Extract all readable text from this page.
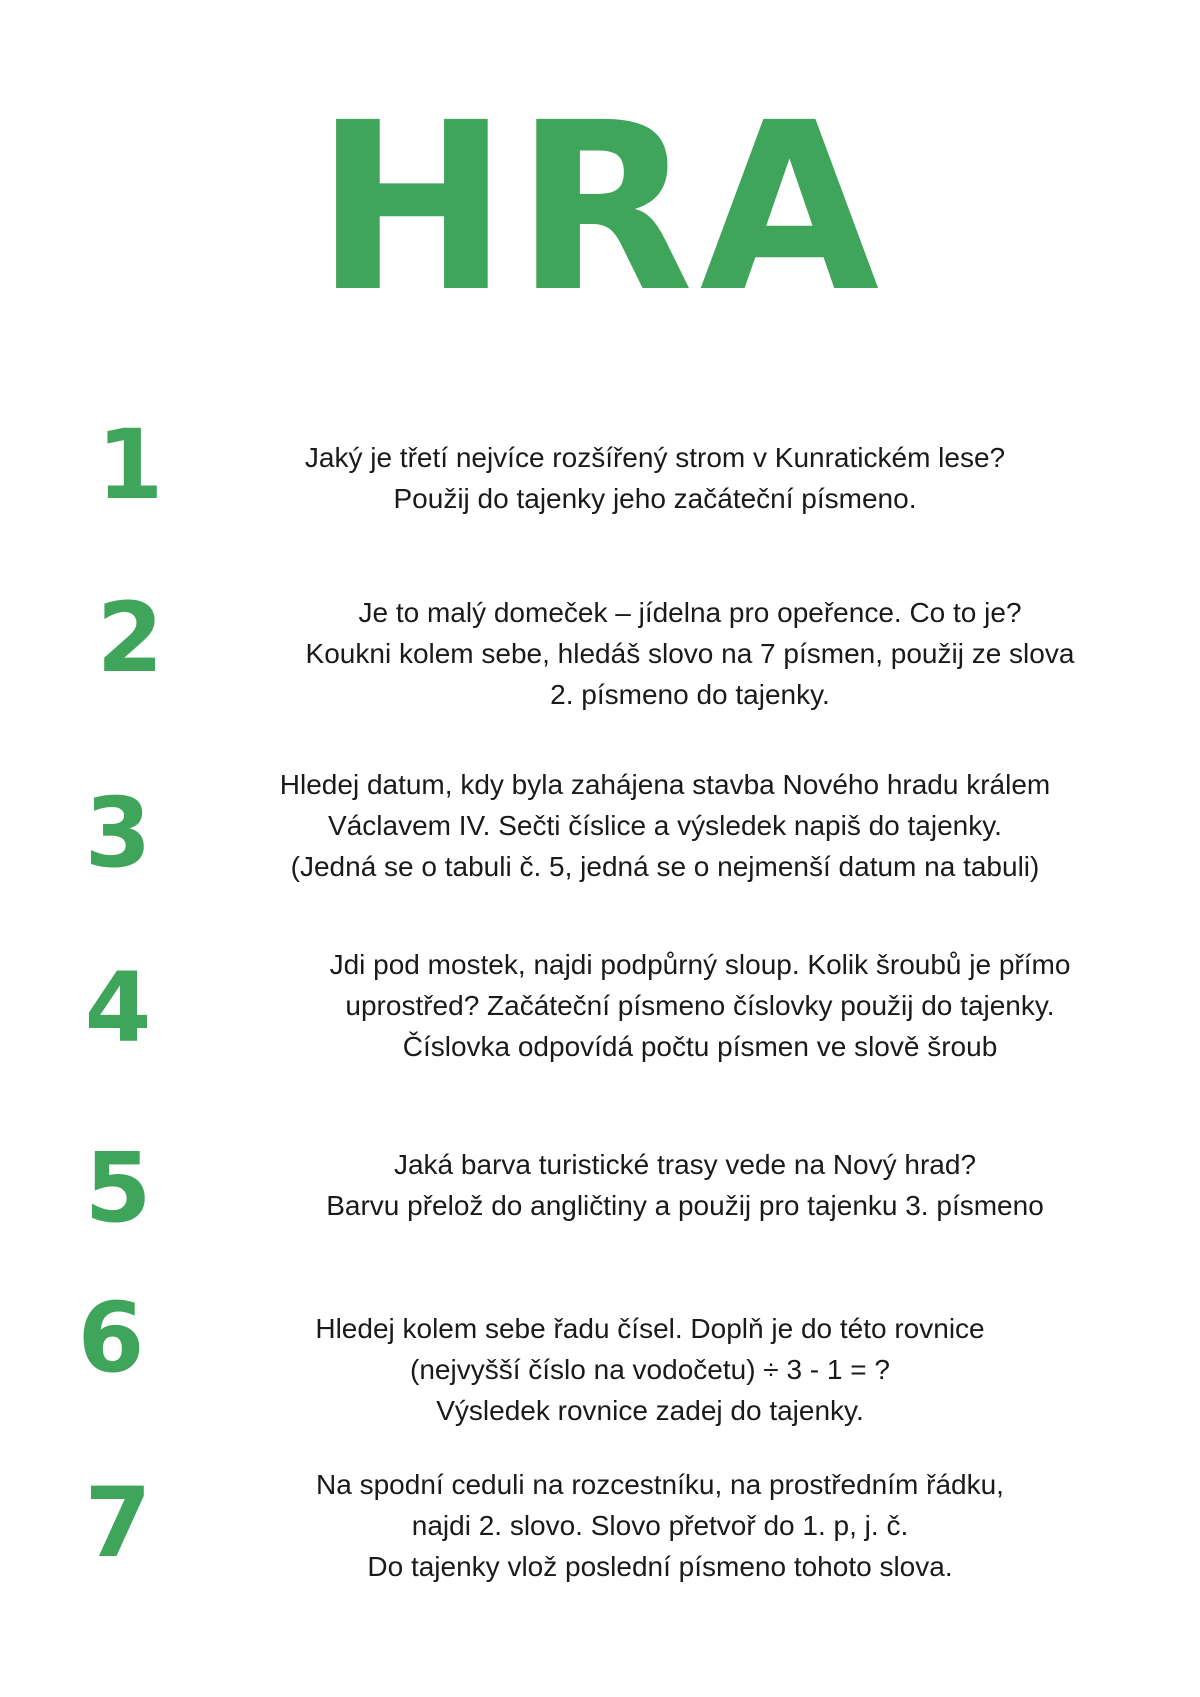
HRA
1	Jaký je třetí nejvíce rozšířený strom v Kunratickém lese?
Použij do tajenky jeho začáteční písmeno.
2	Je to malý domeček – jídelna pro opeřence. Co to je?
Koukni kolem sebe, hledáš slovo na 7 písmen, použij ze slova
2. písmeno do tajenky.
3	Hledej datum, kdy byla zahájena stavba Nového hradu králem
Václavem IV. Sečti číslice a výsledek napiš do tajenky.
(Jedná se o tabuli č. 5, jedná se o nejmenší datum na tabuli)
4	Jdi pod mostek, najdi podpůrný sloup. Kolik šroubů je přímo
uprostřed? Začáteční písmeno číslovky použij do tajenky.
Číslovka odpovídá počtu písmen ve slově šroub
5	Jaká barva turistické trasy vede na Nový hrad?
Barvu přelož do angličtiny a použij pro tajenku 3. písmeno
6	Hledej kolem sebe řadu čísel. Doplň je do této rovnice
(nejvyšší číslo na vodočetu) ÷ 3 - 1 = ?
Výsledek rovnice zadej do tajenky.
7	Na spodní ceduli na rozcestníku, na prostředním řádku,
najdi 2. slovo. Slovo přetvoř do 1. p, j. č.
Do tajenky vlož poslední písmeno tohoto slova.
